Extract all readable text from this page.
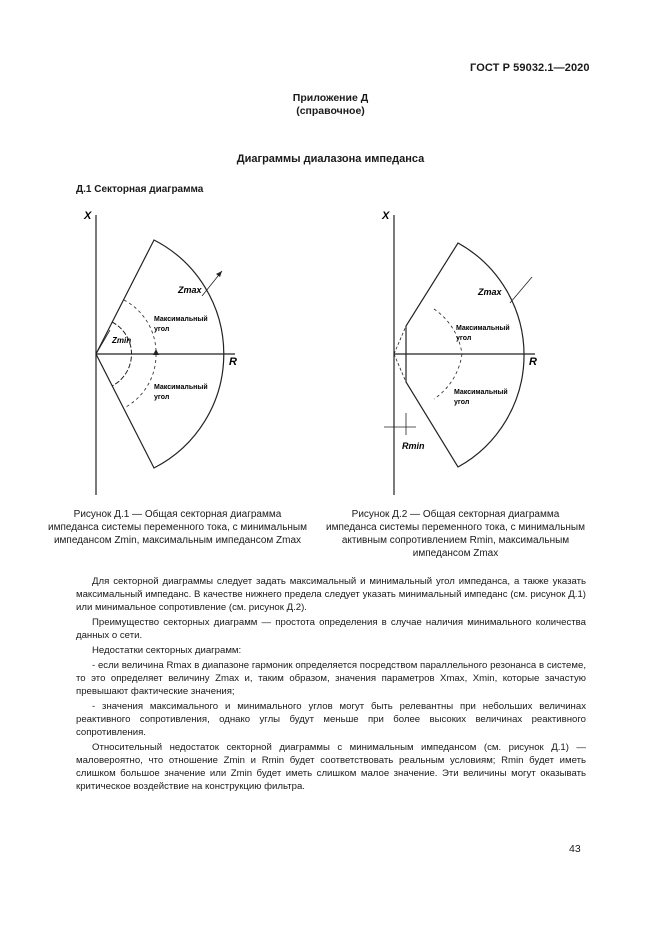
ГОСТ Р 59032.1—2020
Приложение Д
(справочное)
Диаграммы диалазона импеданса
Д.1 Секторная диаграмма
X
R
Zmax
Zmin
Максимальный
угол
Максимальный
угол
X
R
Zmax
Rmin
Максимальный
угол
Максимальный
угол
Рисунок Д.1 — Общая секторная диаграмма
импеданса системы переменного тока, с минимальным
импедансом Zmin, максимальным импедансом Zmax
Рисунок Д.2 — Общая секторная диаграмма
импеданса системы переменного тока, с минимальным
активным сопротивлением Rmin, максимальным
импедансом Zmax

Для секторной диаграммы следует задать максимальный и минимальный угол импеданса, а также указать максимальный импеданс. В качестве нижнего предела следует указать минимальный импеданс (см. рисунок Д.1) или минимальное сопротивление (см. рисунок Д.2).

Преимущество секторных диаграмм — простота определения в случае наличия минимального количества данных о сети.

Недостатки секторных диаграмм:

- если величина Rmax в диапазоне гармоник определяется посредством параллельного резонанса в системе, то это определяет величину Zmax и, таким образом, значения параметров Xmax, Xmin, которые зачастую превышают фактические значения;

- значения максимального и минимального углов могут быть релевантны при небольших величинах реактивного сопротивления, однако углы будут меньше при более высоких величинах реактивного сопротивления.

Относительный недостаток секторной диаграммы с минимальным импедансом (см. рисунок Д.1) — маловероятно, что отношение Zmin и Rmin будет соответствовать реальным условиям; Rmin будет иметь слишком большое значение или Zmin будет иметь слишком малое значение. Эти величины могут оказывать критическое воздействие на конструкцию фильтра.

43
